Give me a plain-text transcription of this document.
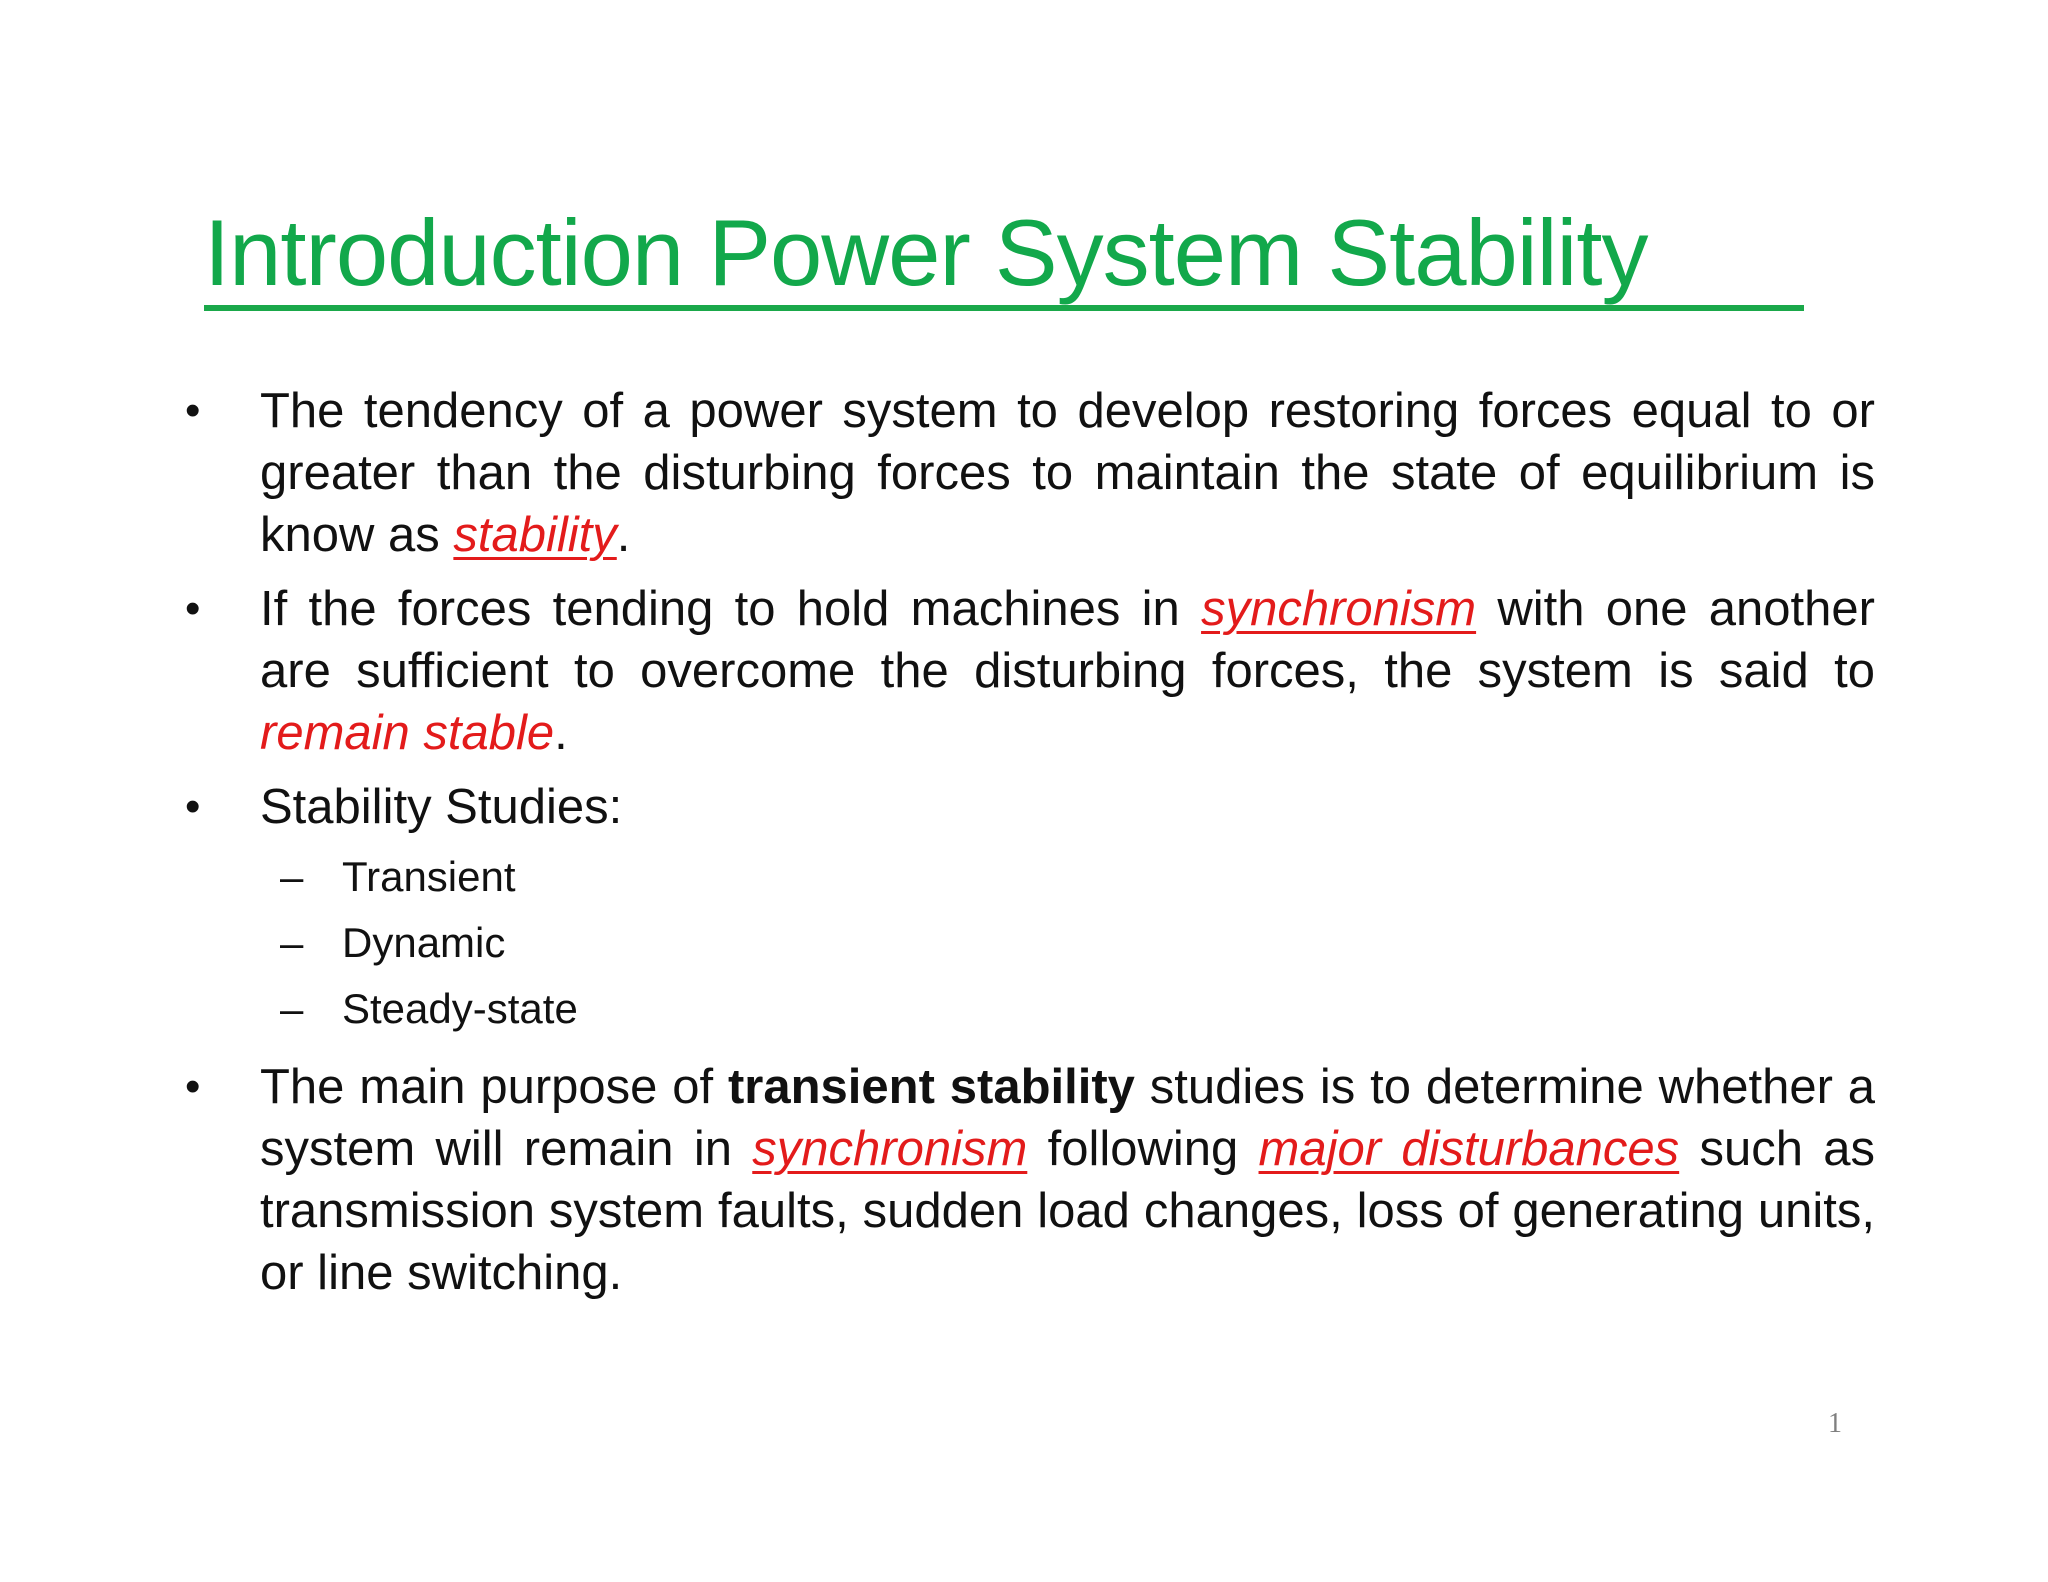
Introduction Power System Stability
• The tendency of a power system to develop restoring forces equal to or greater than the disturbing forces to maintain the state of equilibrium is know as stability.
• If the forces tending to hold machines in synchronism with one another are sufficient to overcome the disturbing forces, the system is said to remain stable.
• Stability Studies:
– Transient
– Dynamic
– Steady-state
• The main purpose of transient stability studies is to determine whether a system will remain in synchronism following major disturbances such as transmission system faults, sudden load changes, loss of generating units, or line switching.
1
